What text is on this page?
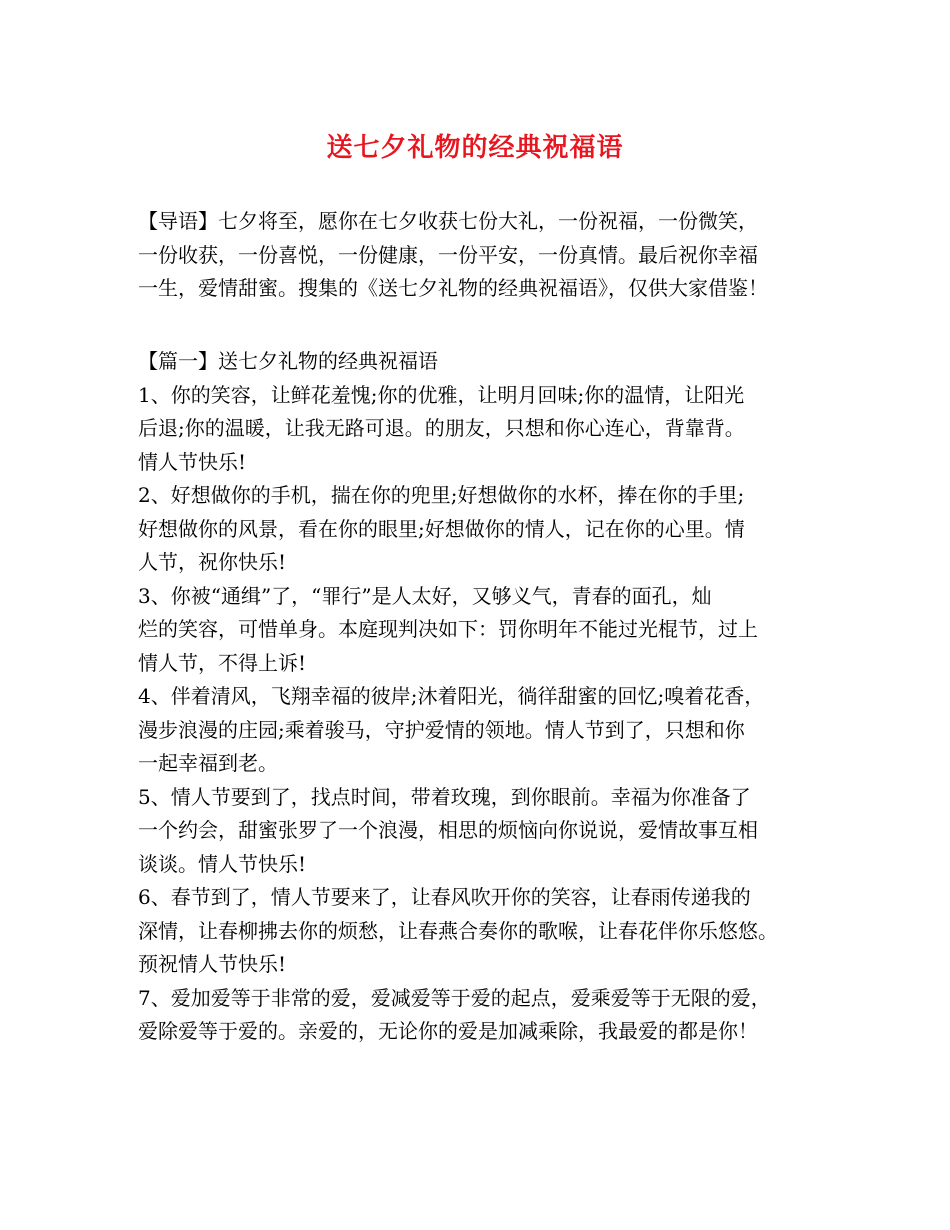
送七夕礼物的经典祝福语
【导语】七夕将至，愿你在七夕收获七份大礼，一份祝福，一份微笑，
一份收获，一份喜悦，一份健康，一份平安，一份真情。最后祝你幸福
一生，爱情甜蜜。搜集的《送七夕礼物的经典祝福语》，仅供大家借鉴！
【篇一】送七夕礼物的经典祝福语
1、你的笑容，让鲜花羞愧;你的优雅，让明月回味;你的温情，让阳光
后退;你的温暖，让我无路可退。的朋友，只想和你心连心，背靠背。
情人节快乐!
2、好想做你的手机，揣在你的兜里;好想做你的水杯，捧在你的手里;
好想做你的风景，看在你的眼里;好想做你的情人，记在你的心里。情
人节，祝你快乐!
3、你被“通缉”了，“罪行”是人太好，又够义气，青春的面孔，灿
烂的笑容，可惜单身。本庭现判决如下：罚你明年不能过光棍节，过上
情人节，不得上诉!
4、伴着清风，飞翔幸福的彼岸;沐着阳光，徜徉甜蜜的回忆;嗅着花香，
漫步浪漫的庄园;乘着骏马，守护爱情的领地。情人节到了，只想和你
一起幸福到老。
5、情人节要到了，找点时间，带着玫瑰，到你眼前。幸福为你准备了
一个约会，甜蜜张罗了一个浪漫，相思的烦恼向你说说，爱情故事互相
谈谈。情人节快乐!
6、春节到了，情人节要来了，让春风吹开你的笑容，让春雨传递我的
深情，让春柳拂去你的烦愁，让春燕合奏你的歌喉，让春花伴你乐悠悠。
预祝情人节快乐!
7、爱加爱等于非常的爱，爱减爱等于爱的起点，爱乘爱等于无限的爱，
爱除爱等于爱的。亲爱的，无论你的爱是加减乘除，我最爱的都是你！
